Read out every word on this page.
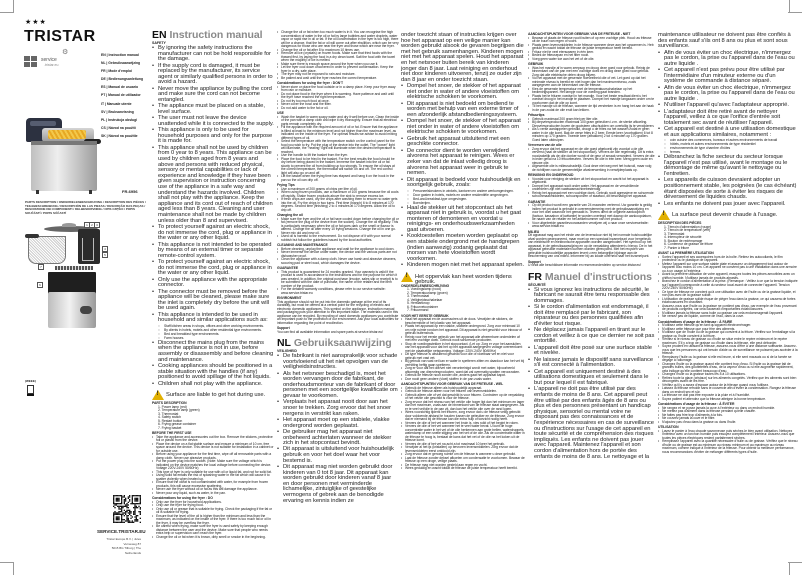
★★★
TRISTAR
⚙
service
.tristar.eu
EN | Instruction manual
NL | Gebruiksaanwijzing
FR | Mode d'emploi
DE | Bedienungsanleitung
ES | Manual de usuario
PT | Manual de utilizador
IT | Manuale utente
SV | Bruksanvisning
PL | Instrukcja obsługi
CS | Návod na použití
SK | Návod na použitie
FR-6956
PARTS DESCRIPTION / ONDERDELENBESCHRIJVING / DESCRIPTION DES PIÈCES / TEILEBESCHREIBUNG / DESCRIPCIÓN DE LAS PIEZAS / DESCRIÇÃO DAS PEÇAS / DESCRIZIONE DEI COMPONENTI / DELBESKRIVNING / OPIS CZĘŚCI / POPIS SOUČÁSTÍ / POPIS SÚČASTÍ
1	2	3
4
5
7
6
(WEEE)
SERVICE.TRISTAR.EU
Tristar Europe B.V. | Jules Verneweg 87
5015 BG Tilburg | The Netherlands
EN Instruction manual
SAFETY
• By ignoring the safety instructions the manufacturer can not be hold responsible for the damage.
• If the supply cord is damaged, it must be replaced by the manufacturer, its service agent or similarly qualified persons in order to avoid a hazard.
• Never move the appliance by pulling the cord and make sure the cord can not become entangled.
• The appliance must be placed on a stable, level surface.
• The user must not leave the device unattended while it is connected to the supply.
• This appliance is only to be used for household purposes and only for the purpose it is made for.
• This appliance shall not be used by children from 0 year to 8 years. This appliance can be used by children aged from 8 years and above and persons with reduced physical, sensory or mental capabilities or lack of experience and knowledge if they have been given supervision or instruction concerning use of the appliance in a safe way and understand the hazards involved. Children shall not play with the appliance. Keep the appliance and its cord out of reach of children aged less than 8 years. Cleaning and user maintenance shall not be made by children unless older than 8 and supervised.
• To protect yourself against an electric shock, do not immerse the cord, plug or appliance in the water or any other liquid.
• This appliance is not intended to be operated by means of an external timer or separate remote-control system.
• To protect yourself against an electric shock, do not immerse the cord, plug or appliance in the water or any other liquid.
• Only use the appliance with the appropriate connector.
• The connector must be removed before the appliance will be cleaned, please make sure the inlet is completely dry before the unit will be used again.
• This appliance is intended to be used in household and similar applications such as:
○ Staff kitchen areas in shops, offices and other working environments.
○ By clients in hotels, motels and other residential type environments.
○ Bed and breakfast type environments.
○ Farm houses.
• Disconnect the mains plug from the mains when the appliance is not in use, before assembly or disassembly and before cleaning and maintenance.
• Cooking appliances should be positioned in a stable situation with the handles (if any) positioned to avoid spillage of the hot liquids.
• Children shall not play with the appliance.
!
Surface are liable to get hot during use.
PARTS DESCRIPTION
1. Power lamp (red)
2. Temperature lamp (green)
3. Thermostat
4. Safety switch
5. Restart button
6. Frying grease container
7. Frying basket
BEFORE THE FIRST USE
• Take the appliance and accessories out the box. Remove the stickers, protective foil or plastic from the device.
• Place the device on a flat stable surface and ensure a minimum of 10 cm. free space around the device. This device is not suitable for installation in a cabinet or for outside use.
• Before using your appliance for the first time, wipe off all removable parts with a damp cloth. Never use abrasive products.
• Put the power plug into the socket. (Note: Make sure the voltage which is indicated on the device matches the local voltage before connecting the device. Voltage 220V-240V 50/60Hz)
• This type of fryer is only suitable for use with oil or liquid fat, and not for solid fat.
• Using solid fat entails the risk of splashing water in the fat which will cause it to spatter violently when heated up.
• Ensure that the oil/fat is not contaminated with water, for example from frozen products, this will cause excessive spattering.
• Never use the fryer without oil or fat as this will damage the appliance.
• Never pour any liquid, such as water, in the pan.
Considerations for using the fryer : DO
• Only use the fryer for household applications.
• Only use the fryer for frying food.
• Only use oil or grease that is suitable for frying. Check the packaging if the fat or oil is suitable for frying.
• Ensure that the level of the oil is higher than the minimum and less than the maximum, as indicated on the inside of the fryer. If there is too much fat or oil in the fryer, it may be overflow the fryer.
• Be careful when frying, make sure the fryer is used safely by keeping enough distance between the user and the device. Make sure that people who needs extra help or supervision can't reach the fryer.
• Change the oil or fat when it is brown, dirty smell or smoke in the beginning.
• Change the oil or fat when too much water is in it. You can recognise the high concentration of water in the oil or fat by large bubbles and water droplets, water vapor or rapid rise in oil or fat. If the oil concentration in the fryer is too high, there will be a chance, that the fat or oil will come out after ebullition, which can be very dangerous for those who are near the fryer and those which are near the fryer.
• Change the oil or fat after 8 to maximum 10 times use.
• Remove all ice (crystals) on frozen foods. Make sure that fried foods with the thawed first, by laying the food in a dry clean towel. Salt the food with the towel when the majority of ice is melted.
• Make sure there is enough space around the fryer when you use it.
• Let the fryer cool down uncovered in order to prevent condensation. Keep the fryer in a dry, safe place.
• The fryer may not be exposed to rain and moisture.
• Be patient and wait until the fryer reaches the correct temperature.
Considerations for using the fryer : DON'T
• Never store or place the food outside or in a damp place. Keep your fryer away from rain or moisture.
• Do not place food in the fryer when it is warming. Have patience and wait until the fryer have reached the right temperature.
• Do not fry too much food at once.
• Never cover the bowl and the filter.
• Do not add water to the fat or oil.
USE
• Wash the basket in warm soapy water and dry it well before use. Clean the inside of the pan with a damp cloth and wipe it dry thoroughly. Ensure that all electrical parts remain completely dry.
• Fill the appliance with the required amount of oil or fat. Ensure that the appliance is filled at least to the minimum level and not higher than the maximum level, as indicated on the inside of the fryer. For optimal results we advise to avoid mixing different types of oil.
• Select the temperature with the temperature switch on the control panel for the food you wish to fry. Put the plug of the device into the outlet. The "power" light will illuminate, the "heating" light will illuminate when the desired temperature is reached.
• Use the handle to lift the basket from the fryer.
• Place the food to be fried in the basket. For the best results the food should be dry before being placed in the basket. Immerse the basket into the oil or fat slowly to prevent the oil from building up too strongly. To ensure the oil stays at the correct temperature, the thermostat will switch on and off. The red control light will also go on and off.
• Lift the basket when the frying time has elapsed and hang it on the hook in the pan so the oil can drip off.
Frying Tips
• Use a maximum of 200 grams of chips per litre of oil.
• When using frozen products, use a maximum of 100 grams because the oil cools off rapidly. Shake frozen products above the sink to remove excess ice.
• If fresh chips are used, dry the chips after washing them to ensure no water gets into the oil. Fry the chips in two turns. First time (blanch) 6 to 8 minutes at 170 degrees. Second time (finishing) 2 to 4 minutes at 170 degrees. Allow the oil to drip off.
Changing the oil
• Make sure the fryer and the oil or fat have cooled down before changing the oil or fat (remove the plug of the device from the socket). Change the oil regularly. This is particularly necessary when the oil or fat goes dark or the smell or flavour is altered. Change the oil after every 10 frying sessions. Change the oil in one go. Never mix old and new oil.
• Used oil is harmful to the environment. Do not dispose of it with your normal rubbish but follow the guidelines issued by the local authorities.
CLEANING AND MAINTENANCE
• Before cleaning, unplug the appliance and wait for the appliance to cool down.
• Never immerse the device under water, the device and the various parts are not dishwasher proof.
• Clean the appliance with a damp cloth. Never use harsh and abrasive cleaners, scouring pad or steel wool, which damages the device.
GUARANTEE
• This product is guaranteed for 24 months granted. Your warranty is valid if the product is used in accordance to the instructions and for the purpose for which it was created. In addition, the original purchase (invoice, sales slip or receipt) is to be submitted with the date of purchase, the name of the retailer and the item number of the product.
• For the detailed warranty conditions, please refer to our service website: www.service.tristar.eu
ENVIRONMENT
This appliance should not be put into the domestic garbage at the end of its durability, but must be offered at a central point for the recycling of electric and electronic domestic appliances. This symbol on the appliance, instruction manual and packaging puts your attention to this important issue. The materials used in this appliance can be recycled. By recycling of used domestic appliances you contribute an important push to the protection of our environment. Ask your local authorities for information regarding the point of recollection.
Support
You can find all available information and spare parts at service.tristar.eu!
NL Gebruiksaanwijzing
VEILIGHEID
• De fabrikant is niet aansprakelijk voor schade voortvloeiend uit het niet opvolgen van de veiligheidsinstructies.
• Als het netsnoer beschadigd is, moet het worden vervangen door de fabrikant, de onderhoudsmonteur van de fabrikant of door personen met een soortgelijke kwalificatie om gevaar te voorkomen.
• Verplaats het apparaat nooit door aan het snoer te trekken. Zorg ervoor dat het snoer nergens in verstrikt kan raken.
• Het apparaat moet op een stabiele, vlakke ondergrond worden geplaatst.
• De gebruiker mag het apparaat niet onbeheerd achterlaten wanneer de stekker zich in het stopcontact bevindt.
• Dit apparaat is uitsluitend voor huishoudelijk gebruik en voor het doel waar het voor bestemd is.
• Dit apparaat mag niet worden gebruikt door kinderen van 0 tot 8 jaar. Dit apparaat kan worden gebruikt door kinderen vanaf 8 jaar en door personen met verminderde lichamelijke, zintuiglijke of geestelijke vermogens of gebrek aan de benodigde ervaring en kennis indien ze
onder toezicht staan of instructies krijgen over hoe het apparaat op een veilige manier kan worden gebruikt alsook de gevaren begrijpen die met het gebruik samenhangen. Kinderen mogen niet met het apparaat spelen. Houd het apparaat en het netsnoer buiten bereik van kinderen jonger dan 8 jaar. Laat reiniging en onderhoud niet door kinderen uitvoeren, tenzij ze ouder zijn dan 8 jaar en onder toezicht staan.
• Dompel het snoer, de stekker of het apparaat niet onder in water of andere vloeistoffen om elektrische schokken te voorkomen.
• Dit apparaat is niet bedoeld om bediend te worden met behulp van een externe timer of een afzonderlijk afstandbedieningssysteem.
• Dompel het snoer, de stekker of het apparaat niet onder in water of andere vloeistoffen om elektrische schokken te voorkomen.
• Gebruik het apparaat uitsluitend met een geschikte connector.
• De connector dient te worden verwijderd alvorens het apparaat te reinigen. Wees er zeker van dat de inlaat volledig droog is alvorens het apparaat weer in gebruik te nemen.
• Dit apparaat is bedoeld voor huishoudelijk en soortgelijk gebruik, zoals:
○ Personeelskeukens in winkels, kantoren en andere werkomgevingen.
○ Door gasten in hotels, motels en andere residentiële omgevingen.
○ Bed-and-breakfast-type omgevingen.
○ Boerderijen.
• Haal de stekker uit het stopcontact als het apparaat niet in gebruik is, voordat u het gaat monteren of demonteren en voordat u reinigings- en onderhoudswerkzaamheden gaat uitvoeren.
• Kooktoestellen moeten worden geplaatst op een stabiele ondergrond met de handgrepen (indien aanwezig) zodanig geplaatst dat morsen van hete vloeistoffen wordt voorkomen.
• Kinderen mogen niet met het apparaat spelen.
!
Het oppervlak kan heet worden tijdens gebruik.
ONDERDELENBESCHRIJVING
1. Voedingslamp (rood)
2. Temperatuurlamp (groen)
3. Thermostaat
4. Veiligheidsschakelaar
5. Herstartknop
6. Frituurvetcontainer
7. Frituurmand
VOOR HET EERSTE GEBRUIK
• Haal het apparaat en de accessoires uit de doos. Verwijder de stickers, de beschermfolie of het plastic van het apparaat.
• Plaats het apparaat op een vlakke, stabiele ondergrond. Zorg voor minimaal 10 cm vrije ruimte rondom het apparaat. Dit apparaat is niet geschikt voor inbouw of gebruik buitenshuis.
• Reinig voor het eerste gebruik van het apparaat alle afneembare onderdelen af met een vochtige doek. Gebruik nooit schurende producten.
• Stop de voedingsstekker in het stopcontact. (Let op: Zorg er voor het aansluiten van het apparaat voor dat het op het apparaat aangegeven voltage overeenkomt met de plaatselijke netspanning. Voltage: 220V-240V 50/60Hz)
• Dit type friteuse is uitsluitend geschikt voor olie of vloeibaar vet en niet voor gebruik met vast vet.
• Bij gebruik van vast vet kan er water in spetteren zitten en daardoor kan het vet bij verhitting heftig gaan spetteren.
• Zorg er voor dat het olie/vet niet verontreinigd wordt met water, bijvoorbeeld afkomstig van diepvriesproducten, want dat zal overmatig spatten veroorzaken.
• Gebruik de friteuse nooit zonder olie, anders gaat het apparaat kapot.
• Doe nooit geen andere (vloei) stoffen in de pan zoals water.
AANDACHTSPUNTEN VOOR GEBRUIK VAN DE FRITEUSE - WEL
• Gebruik de friteuse alleen als huishoudelijk apparaat.
• Gebruik de friteuse alleen voor het frituren van levensmiddelen.
• Gebruik alleen olie of vet dat geschikt is voor frituren. Controleer op de verpakking of het vet/de olie geschikt is voor de friteuse.
• Zorg ervoor dat het niveau van het vet/de olie hoger ligt dan het minimum en lager dan het maximum, zoals aan de binnenkant van de friteuse staat aangegeven. Als er te veel vet/olie in de pan zit, dan kan het vet/de olie over de rand lopen.
• Wees voorzichtig tijdens het frituren, zorg ervoor dat u de friteuse veilig gebruikt door voldoende afstand te houden tussen de gebruiker en de friteuse. Zorg ervoor dat er niemand bij de friteuse kan die extra hulp of toezicht nodig heeft.
• Ververs de olie of het vet wanneer het bruin is, vies ruikt of het begint te roken.
• Ververs de olie of het vet wanneer het te veel water bevat. U kunt de hoge concentratie water in het vet of de olie herkennen aan grote bellen, waterdruppels, waterdamp of een snelle stijging van het vet of de olie. Als de concentratie water in de friteuse te hoog is, bestaat de kans dat het vet of de olie na het koken uit de friteuse komt.
• Ververs de olie of het vet na acht a tot maximaal 10 keer het gebruik.
• Verwijder al het ijs (kristallen) op bevroren levensmiddelen. Zorg ervoor dat de levensmiddelen eerst ontdooid zijn.
• Zorg ervoor dat er genoeg ruimte om de friteuse is wanneer u deze gebruikt.
• Laat de friteuse zonder deksel afkoelen om condensatie te voorkomen. Bewaar de friteuse op een droge, veilige plaats.
• De friteuse mag niet worden gesteld aan regen en vocht.
• Wees geduldig en wacht totdat de friteuse de juiste temperatuur heeft bereikt.
AANDACHTSPUNTEN VOOR GEBRUIK VAN DE FRITEUSE - NIET
• Bewaar of plaats de friteuse nooit buiten of op een vochtige plek. Houd uw friteuse uit de buurt van regen of vocht.
• Plaats geen levensmiddelen in de friteuse wanneer deze aan het opwarmen is. Heb geduld en wacht totdat de friteuse de juiste temperatuur heeft bereikt.
• Frituur niet te veel etenswaren in één keer.
• Bedek de friteusepan en het filter nooit.
• Voeg geen water toe aan het vet of de olie.
GEBRUIK
• Was het mandje af in warm zeepsop en droog deze goed voor gebruik. Reinig de binnenkant van de pan met een vochtige doek en droog deze goed voor gebruik. Zorg dat alle elektrische delen droog blijven.
• Vul het apparaat met de gewenste hoeveelheid olie of vet. Let goed op dat het minimale niveau is bereikt en niet hoger dan het maximumniveau, zoals aangegeven aan de binnenkant van de friteuse.
• Kies de gewenste temperatuur met de temperatuurschakelaar op het bedieningspaneel. Het lampje voor de voeding gaat branden.
• Plaats het te frituren voedsel in het mandje. Voor het beste resultaat dient u het voedsel droog in het mandje te plaatsen. Dompel het mandje langzaam onder om te voorkomen dat de olie op komt.
• Til het mandje uit de friteuse, wanneer de tijd verstreken is en hang het aan de haak in de pan zodat de olie eruit kan lekken.
Frituurtips
• Gebruik maximaal 200 gram friet per liter olie.
• Bij diepvriesproducten maximaal 100 gram gebruiken i.v.m. de sterke afkoeling. Diepvriesproducten boven de gootsteen uitschudden om overtollig ijs te verwijderen.
• Als u verse aardappelen gebruikt, droogt u de frites na het wassen zodat er geen water in de olie komt. Bak de verse frites in 2 keer. Eerste keer (voorbakken) 6 tot 8 minuten op 170 graden. Tweede keer (afbakken) 2 tot 4 minuten op 170 graden. Goed laten uitdruipen.
Verversen van de olie
• Zorg ervoor dat het apparaat en de olie goed afgekoeld zijn voordat u de olie ververst (haal de stekker uit het stopcontact). Ververs de olie regelmatig. Dit is extra noodzakelijk als de olie donker wordt of de geur of smaak veranderd. Ververs de olie in ieder geval na 10 frituurbeurten. Ververs de olie in één keer. Meng geen oude en nieuwe olie.
• Afgewerkte olie is milieuschadelijk. Gooi deze niet weg met het huisvuil, maar volg de richtlijnen van de gemeentelijke afvalverwerking in verwijderplaats op.
REINIGING EN ONDERHOUD
• Voordat voor reiniging de stekker uit het stopcontact en wacht tot het apparaat is afgekoeld.
• Dompel het apparaat nooit onder water. Het apparaat en de verschillende onderdelen zijn niet vaatwasmachinebestendig.
• Reinig het apparaat met een vochtige doek. Gebruik nooit agressieve en schurende schoonmaakmiddelen, schuursponzen of staalwol, dit beschadigt het apparaat.
GARANTIE
• Op dit product wordt een garantie van 24 maanden verleend. Uw garantie is geldig indien het product is gebruikt in overeenstemming met de gebruiksaanwijzing en voor het doel waarvoor het gemaakt is. Tevens dient de originele aankoopbon (factuur, kassabon of kwitantie) te worden overlegd met daarop de aankoopdatum, de naam van de retailer en het artikelnummer van het product.
• Voor uitgebreide garantievoorwaarden verwijzen wij u naar onze servicewebsite: www.service.tristar.eu
MILIEU
Dit apparaat mag aan het einde van de levensduur niet bij het normale huishoudelijke afval worden gedeponeerd, maar moet op een speciaal inzamelpunt voor hergebruik van elektrische en elektronische apparaten worden aangeboden. Het symbool op het apparaat, in de gebruiksaanwijzing en op de verpakking attendeert u hierop. De in het apparaat gebruikte materialen kunnen worden gerecycled. Met het recyclen van gebruikte huishoudelijke apparaten levert u een belangrijke bijdrage aan de bescherming van ons milieu. Informeer bij uw lokale overheid naar het inzamelpunt.
Support
U vindt alle beschikbare informatie en reserveonderdelen op service.tristar.eu!
FR Manuel d'instructions
SÉCURITÉ
• Si vous ignorez les instructions de sécurité, le fabricant ne saurait être tenu responsable des dommages.
• Si le cordon d'alimentation est endommagé, il doit être remplacé par le fabricant, son réparateur ou des personnes qualifiées afin d'éviter tout risque.
• Ne déplacez jamais l'appareil en tirant sur le cordon et veillez à ce que ce dernier ne soit pas entortillé.
• L'appareil doit être posé sur une surface stable et nivelée.
• Ne laissez jamais le dispositif sans surveillance s'il est connecté à l'alimentation.
• Cet appareil est uniquement destiné à des utilisations domestiques et seulement dans le but pour lequel il est fabriqué.
• L'appareil ne doit pas être utilisé par des enfants de moins de 8 ans. Cet appareil peut être utilisé par des enfants âgés de 8 ans ou plus et des personnes présentant un handicap physique, sensoriel ou mental voire ne disposant pas des connaissances et de l'expérience nécessaires en cas de surveillance ou d'instructions sur l'usage de cet appareil en toute sécurité et de compréhension des risques impliqués. Les enfants ne doivent pas jouer avec l'appareil. Maintenez l'appareil et son cordon d'alimentation hors de portée des enfants de moins de 8 ans. Le nettoyage et la
maintenance utilisateur ne doivent pas être confiés à des enfants sauf s'ils ont 8 ans ou plus et sont sous surveillance.
• Afin de vous éviter un choc électrique, n'immergez pas le cordon, la prise ou l'appareil dans de l'eau ou autre liquide .
• Cet appareil n'est pas prévu pour être utilisé par l'intermédiaire d'un minuteur externe ou d'un système de commande à distance séparé.
• Afin de vous éviter un choc électrique, n'immergez pas le cordon, la prise ou l'appareil dans de l'eau ou autre liquide .
• N'utiliser l'appareil qu'avec l'adaptateur approprié.
• L'adaptateur doit être retiré avant de nettoyer l'appareil, veillez à ce que l'orifice d'entrée soit totalement sec avant de réutiliser l'appareil.
• Cet appareil est destiné à une utilisation domestique et aux applications similaires, notamment :
○ coin cuisine des commerces, bureaux et autres environnements de travail
○ hôtels, motels et autres environnements de type résidentiel
○ environnements de type chambre d'hôtes
○ fermes.
• Débranchez la fiche secteur du secteur lorsque l'appareil n'est pas utilisé, avant le montage ou le démontage de même qu'avant le nettoyage ou l'entretien.
• Les appareils de cuisson devraient adopter un positionnement stable, les poignées (le cas échéant) étant disposées de sorte à éviter les risques de déversement de liquides chauds.
• Les enfants ne doivent pas jouer avec l'appareil.
!
La surface peut devenir chaude à l'usage.
DESCRIPTION DES PIÈCES
1. Témoin d'alimentation (rouge)
2. Témoin de température (vert)
3. Thermostat
4. Interrupteur de sécurité
5. Bouton de redémarrage
6. Conteneur de graisse de friture
7. Panier à friture
AVANT LA PREMIÈRE UTILISATION
• Sortez l'appareil et ses accessoires hors de la boîte. Retirez les autocollants, le film protecteur ou le plastique de l'appareil.
• Mettez l'appareil sur une surface stable plate et assurez un dégagement tout autour de l'appareil d'au moins 10 cm. Cet appareil ne convient pas à une installation dans une armoire ou à un usage à l'extérieur.
• Avant la première utilisation de votre appareil, essuyez toutes les pièces amovibles avec un chiffon humide. N'utilisez jamais de produits abrasifs.
• Branchez le cordon d'alimentation à la prise. (Remarque : Veillez à ce que la tension indiquée sur l'appareil corresponde à celle du secteur local avant de connecter l'appareil. Tension 220V-240V 50/60Hz)
• Ce type de friteuse ne convient qu'à une utilisation avec de l'huile ou de la graisse liquide, et non pas avec de la graisse solide.
• L'utilisation de graisse solide risque de piéger l'eau dans la graisse, ce qui causera de fortes éclaboussures en chauffant.
• Assurez-vous que l'huile ou la graisse ne contient pas d'eau, par exemple de l'eau provenant de produits congelés, car cela causerait d'importantes éclaboussures.
• N'utilisez jamais la friteuse sans huile ou graisse car cela endommagerait l'appareil.
• Ne versez pas de liquide, comme de l'eau, dans la cuve.
Considérations d'usage de la friteuse : À FAIRE
• N'utilisez cette friteuse qu'en tant qu'appareil électroménager.
• N'utilisez cette friteuse que pour frire des aliments.
• N'utilisez que de l'huile ou de la graisse qui convient à la friture. Vérifiez sur l'emballage si la graisse ou l'huile convient à la friture.
• Vérifiez si le niveau de graisse ou d'huile se situe entre le repère minimum et le repère maximum. S'il y a trop de graisse ou d'huile dans la friteuse, elle peut déborder.
• Soyez prudent en utilisant la friteuse, assurez-vous d'être à une distance suffisante. Assurez-vous que les personnes qui ont besoin d'aide ou de surveillance ne puissent pas accéder à la friteuse.
• Remplacez l'huile ou la graisse si elle est brune, si elle sent mauvais ou si de la fumée se dégage à l'allumage.
• Changez l'huile ou la graisse quand elle contient trop d'eau. Si l'huile ou la graisse fait de grandes bulles, des gouttelettes d'eau, de la vapeur d'eau ou si elle augmente rapidement, cela indique qu'elle contient beaucoup d'eau.
• Changez l'huile ou la graisse toutes les 8 à 10 utilisations.
• Retirez toute la glace (cristaux) sur les aliments congelés. Vérifiez que les aliments sont bien décongelés avant de les frire.
• Vérifiez qu'il y a assez d'espace autour de la friteuse quand vous l'utilisez.
• Laissez la friteuse refroidir sans le couvercle afin d'éviter la condensation. Rangez la friteuse dans un endroit sec et sûr.
• La friteuse ne doit pas être exposée à la pluie et à l'humidité.
• Soyez patient et attendez que la friteuse atteigne la bonne température.
Considérations d'usage de la friteuse : À ÉVITER
• Ne rangez et ne posez jamais la cuve à l'extérieur ou dans un endroit humide.
• Ne mettez pas d'aliment dans la friteuse pendant qu'elle chauffe.
• Ne faites pas frire trop d'aliments à la fois.
• Ne couvrez jamais la cuve et le filtre.
• N'ajoutez pas d'eau dans la graisse ou dans l'huile.
UTILISATION
• Lavez le panier à l'eau chaude savonneuse puis séchez-le bien avant utilisation. Nettoyez l'intérieur avec un torchon humide puis essuyez complètement l'intérieur. Assurez-vous que toutes les pièces électriques restent parfaitement sèches.
• Remplissez l'appareil avec la quantité nécessaire d'huile ou de graisse. Vérifiez que le niveau d'huile ou de graisse est au minimum au niveau minimum et au maximum au niveau maximum, comme indiqué à l'intérieur de la friteuse. Pour obtenir la meilleure performance, nous recommandons d'éviter de mélanger différents types d'huile.
